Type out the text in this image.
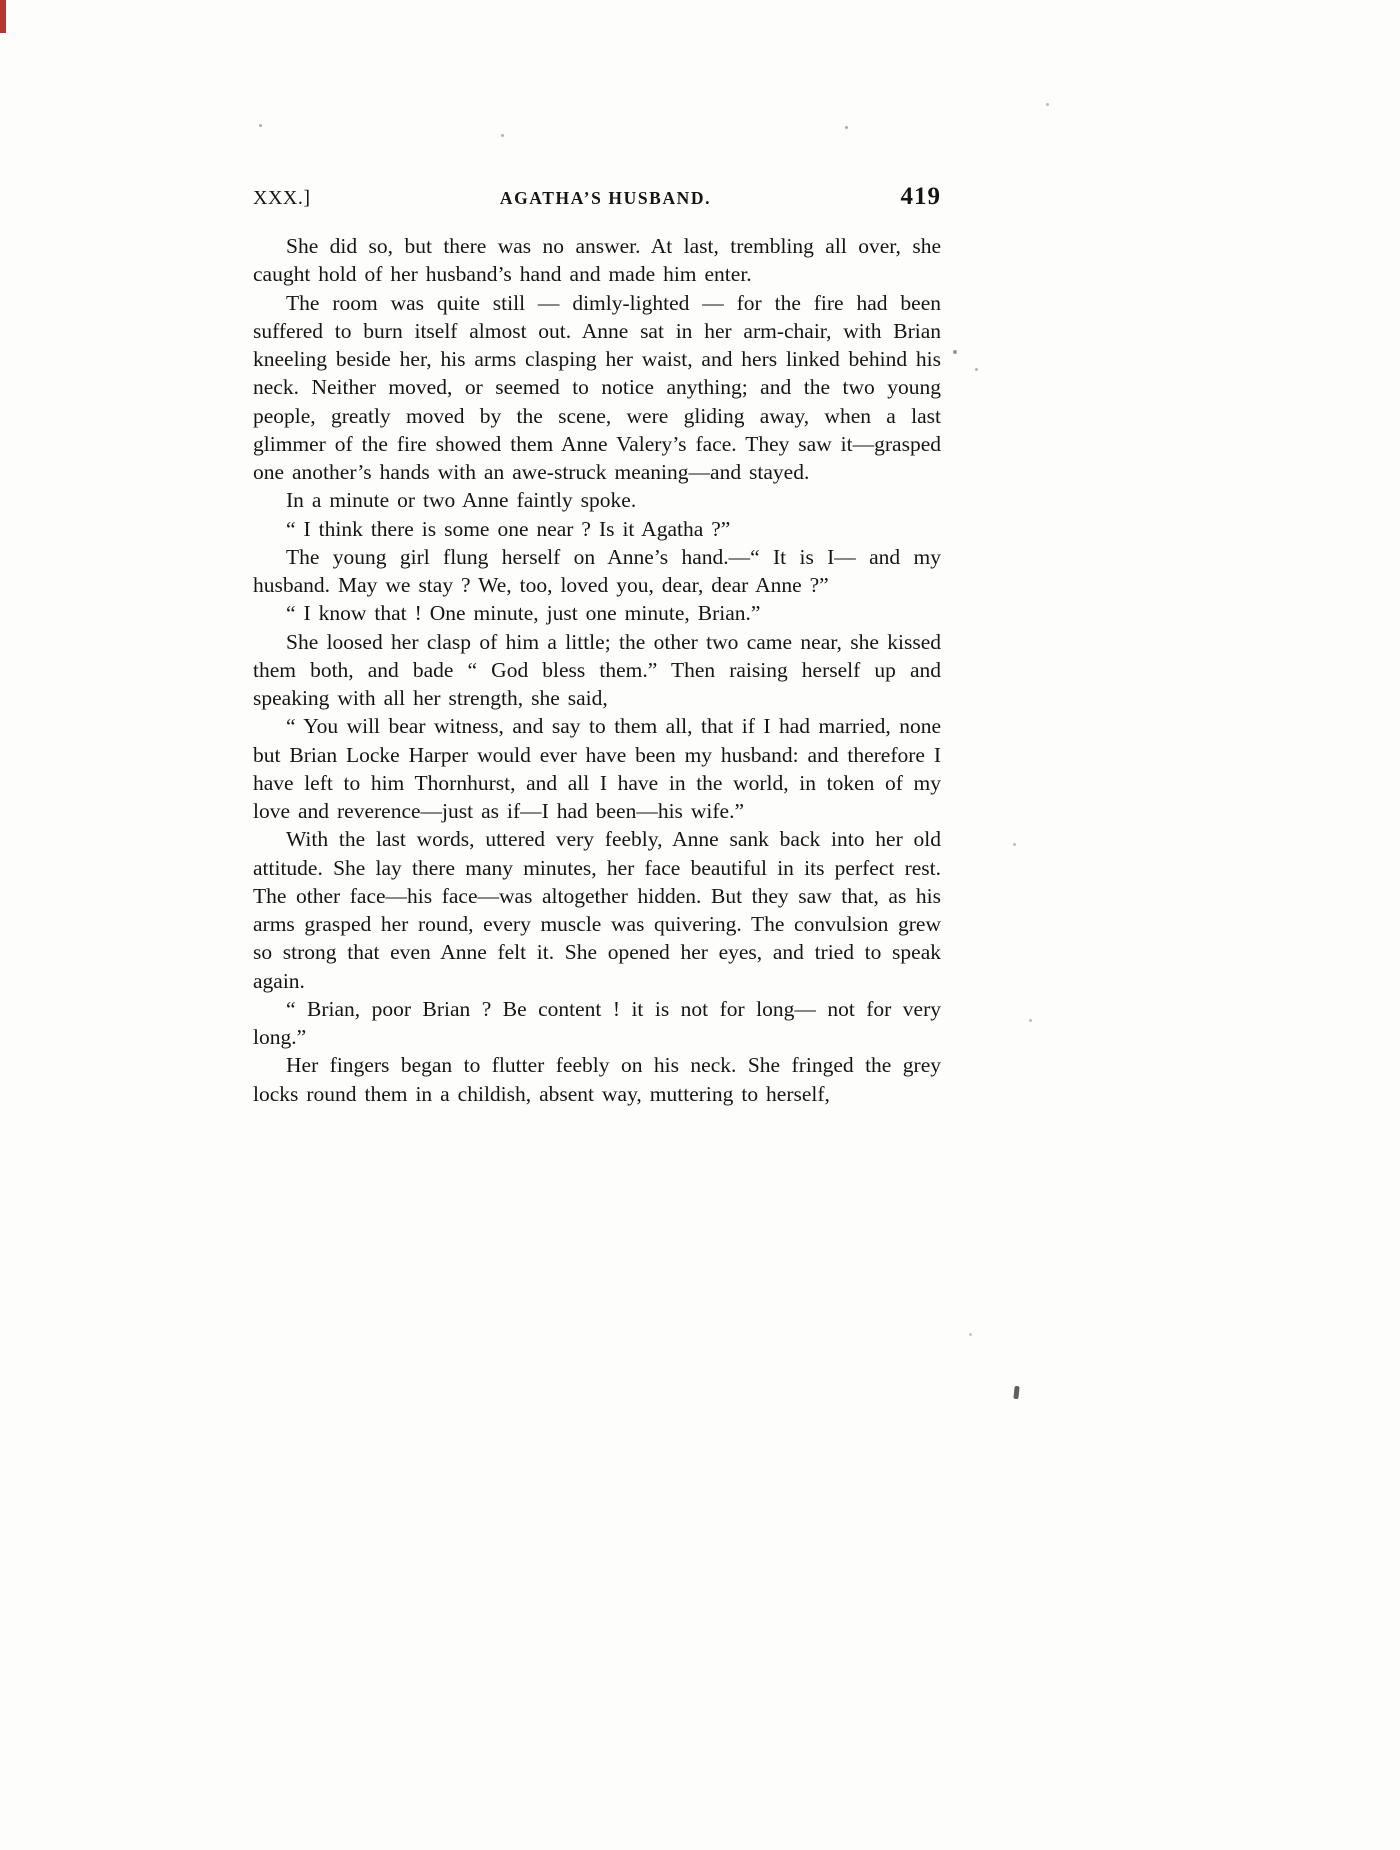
XXX.]	AGATHA’S HUSBAND.	419

She did so, but there was no answer. At last, trembling all over, she caught hold of her husband’s hand and made him enter.

The room was quite still — dimly-lighted — for the fire had been suffered to burn itself almost out. Anne sat in her arm-chair, with Brian kneeling beside her, his arms clasping her waist, and hers linked behind his neck. Neither moved, or seemed to notice anything; and the two young people, greatly moved by the scene, were gliding away, when a last glimmer of the fire showed them Anne Valery’s face. They saw it—grasped one another’s hands with an awe-struck meaning—and stayed.

In a minute or two Anne faintly spoke.

“ I think there is some one near ? Is it Agatha ?”

The young girl flung herself on Anne’s hand.—“ It is I— and my husband. May we stay ? We, too, loved you, dear, dear Anne ?”

“ I know that ! One minute, just one minute, Brian.”

She loosed her clasp of him a little; the other two came near, she kissed them both, and bade “ God bless them.” Then raising herself up and speaking with all her strength, she said,

“ You will bear witness, and say to them all, that if I had married, none but Brian Locke Harper would ever have been my husband: and therefore I have left to him Thornhurst, and all I have in the world, in token of my love and reverence—just as if—I had been—his wife.”

With the last words, uttered very feebly, Anne sank back into her old attitude. She lay there many minutes, her face beautiful in its perfect rest. The other face—his face—was altogether hidden. But they saw that, as his arms grasped her round, every muscle was quivering. The convulsion grew so strong that even Anne felt it. She opened her eyes, and tried to speak again.

“ Brian, poor Brian ? Be content ! it is not for long— not for very long.”

Her fingers began to flutter feebly on his neck. She fringed the grey locks round them in a childish, absent way, muttering to herself,
